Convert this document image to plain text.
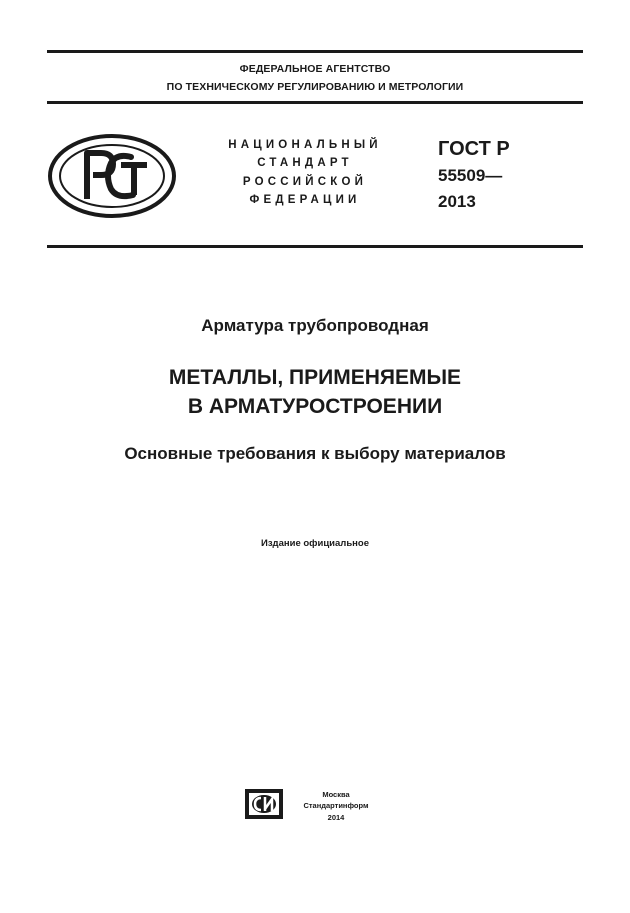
ФЕДЕРАЛЬНОЕ АГЕНТСТВО
ПО ТЕХНИЧЕСКОМУ РЕГУЛИРОВАНИЮ И МЕТРОЛОГИИ
НАЦИОНАЛЬНЫЙ
СТАНДАРТ
РОССИЙСКОЙ
ФЕДЕРАЦИИ
ГОСТ Р
55509—
2013
Арматура трубопроводная
МЕТАЛЛЫ, ПРИМЕНЯЕМЫЕ
В АРМАТУРОСТРОЕНИИ
Основные требования к выбору материалов
Издание официальное
Москва
Стандартинформ
2014
